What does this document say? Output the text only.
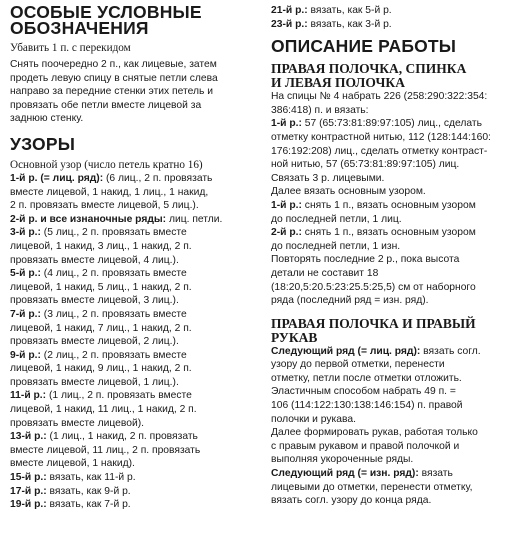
ОСОБЫЕ УСЛОВНЫЕ
ОБОЗНАЧЕНИЯ
Убавить 1 п. с перекидом
Снять поочередно 2 п., как лицевые, затем
продеть левую спицу в снятые петли слева
направо за передние стенки этих петель и
провязать обе петли вместе лицевой за
заднюю стенку.
УЗОРЫ
Основной узор (число петель кратно 16)
1-й р. (= лиц. ряд): (6 лиц., 2 п. провязать
вместе лицевой, 1 накид, 1 лиц., 1 накид,
2 п. провязать вместе лицевой, 5 лиц.).
2-й р. и все изнаночные ряды: лиц. петли.
3-й р.: (5 лиц., 2 п. провязать вместе
лицевой, 1 накид, 3 лиц., 1 накид, 2 п.
провязать вместе лицевой, 4 лиц.).
5-й р.: (4 лиц., 2 п. провязать вместе
лицевой, 1 накид, 5 лиц., 1 накид, 2 п.
провязать вместе лицевой, 3 лиц.).
7-й р.: (3 лиц., 2 п. провязать вместе
лицевой, 1 накид, 7 лиц., 1 накид, 2 п.
провязать вместе лицевой, 2 лиц.).
9-й р.: (2 лиц., 2 п. провязать вместе
лицевой, 1 накид, 9 лиц., 1 накид, 2 п.
провязать вместе лицевой, 1 лиц.).
11-й р.: (1 лиц., 2 п. провязать вместе
лицевой, 1 накид, 11 лиц., 1 накид, 2 п.
провязать вместе лицевой).
13-й р.: (1 лиц., 1 накид, 2 п. провязать
вместе лицевой, 11 лиц., 2 п. провязать
вместе лицевой, 1 накид).
15-й р.: вязать, как 11-й р.
17-й р.: вязать, как 9-й р.
19-й р.: вязать, как 7-й р.
21-й р.: вязать, как 5-й р.
23-й р.: вязать, как 3-й р.
ОПИСАНИЕ РАБОТЫ
ПРАВАЯ ПОЛОЧКА, СПИНКА
И ЛЕВАЯ ПОЛОЧКА
На спицы № 4 набрать 226 (258:290:322:354:
386:418) п. и вязать:
1-й р.: 57 (65:73:81:89:97:105) лиц., сделать
отметку контрастной нитью, 112 (128:144:160:
176:192:208) лиц., сделать отметку контраст-
ной нитью, 57 (65:73:81:89:97:105) лиц.
Связать 3 р. лицевыми.
Далее вязать основным узором.
1-й р.: снять 1 п., вязать основным узором
до последней петли, 1 лиц.
2-й р.: снять 1 п., вязать основным узором
до последней петли, 1 изн.
Повторять последние 2 р., пока высота
детали не составит 18
(18:20,5:20.5:23:25.5:25,5) см от наборного
ряда (последний ряд = изн. ряд).
ПРАВАЯ ПОЛОЧКА И ПРАВЫЙ
РУКАВ
Следующий ряд (= лиц. ряд): вязать согл.
узору до первой отметки, перенести
отметку, петли после отметки отложить.
Эластичным способом набрать 49 п. =
106 (114:122:130:138:146:154) п. правой
полочки и рукава.
Далее формировать рукав, работая только
с правым рукавом и правой полочкой и
выполняя укороченные ряды.
Следующий ряд (= изн. ряд): вязать
лицевыми до отметки, перенести отметку,
вязать согл. узору до конца ряда.
